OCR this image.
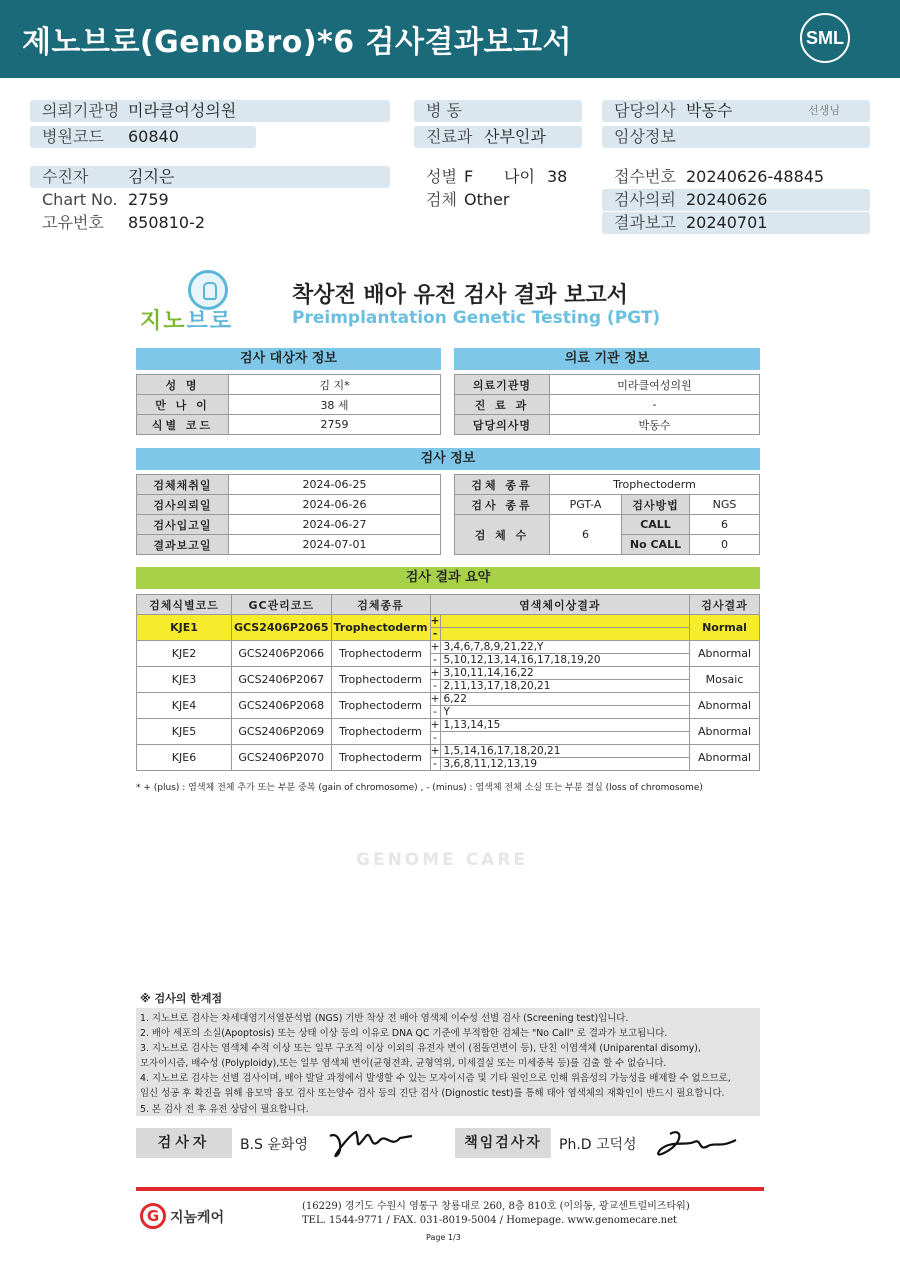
제노브로(GenoBro)*6 검사결과보고서	SML
의뢰기관명 미라클여성의원
병원코드 60840
병 동
진료과 산부인과
담당의사 박동수	선생님
임상정보
수진자 김지은
Chart No. 2759
고유번호 850810-2
성별 F 나이 38
검체 Other
접수번호 20240626-48845
검사의뢰 20240626
결과보고 20240701
지노브로
착상전 배아 유전 검사 결과 보고서
Preimplantation Genetic Testing (PGT)
검사 대상자 정보
성 명	김 지*
만 나 이	38 세
식별 코드	2759
의료 기관 정보
의료기관명	미라클여성의원
진 료 과	-
담당의사명	박동수
검사 정보
검체채취일	2024-06-25
검사의뢰일	2024-06-26
검사입고일	2024-06-27
결과보고일	2024-07-01
검체 종류	Trophectoderm		
검사 종류	PGT-A	검사방법	NGS
검 체 수	6	CALL	6
		No CALL	0
검사 결과 요약
검체식별코드	GC관리코드	검체종류	염색체이상결과		검사결과
KJE1	GCS2406P2065	Trophectoderm	+		Normal
			-		
KJE2	GCS2406P2066	Trophectoderm	+	3,4,6,7,8,9,21,22,Y	Abnormal
			-	5,10,12,13,14,16,17,18,19,20	
KJE3	GCS2406P2067	Trophectoderm	+	3,10,11,14,16,22	Mosaic
			-	2,11,13,17,18,20,21	
KJE4	GCS2406P2068	Trophectoderm	+	6,22	Abnormal
			-	Y	
KJE5	GCS2406P2069	Trophectoderm	+	1,13,14,15	Abnormal
			-		
KJE6	GCS2406P2070	Trophectoderm	+	1,5,14,16,17,18,20,21	Abnormal
			-	3,6,8,11,12,13,19	
* + (plus) : 염색체 전체 추가 또는 부분 중복 (gain of chromosome) , - (minus) : 염색체 전체 소실 또는 부분 결실 (loss of chromosome)
GENOME CARE
※ 검사의 한계점
1. 지노브로 검사는 차세대염기서열분석법 (NGS) 기반 착상 전 배아 염색체 이수성 선별 검사 (Screening test)입니다.
2. 배아 세포의 소실(Apoptosis) 또는 상태 이상 등의 이유로 DNA QC 기준에 부적합한 검체는 "No Call" 로 결과가 보고됩니다.
3. 지노브로 검사는 염색체 수적 이상 또는 일부 구조적 이상 이외의 유전자 변이 (점돌연변이 등), 단친 이염색체 (Uniparental disomy),
모자이시즘, 배수성 (Polyploidy),또는 일부 염색체 변이(균형전좌, 균형역위, 미세결실 또는 미세중복 등)를 검출 할 수 없습니다.
4. 지노브로 검사는 선별 검사이며, 배아 발달 과정에서 발생할 수 있는 모자이시즘 및 기타 원인으로 인해 위음성의 가능성을 배제할 수 없으므로,
임신 성공 후 확진을 위해 융모막 융모 검사 또는양수 검사 등의 진단 검사 (Dignostic test)를 통해 태아 염색체의 재확인이 반드시 필요합니다.
5. 본 검사 전 후 유전 상담이 필요합니다.
검사자	B.S 윤화영	책임검사자	Ph.D 고덕성
G 지놈케어
(16229) 경기도 수원시 영통구 창룡대로 260, 8층 810호 (이의동, 광교센트럴비즈타워)
TEL. 1544-9771 / FAX. 031-8019-5004 / Homepage. www.genomecare.net
Page 1/3
